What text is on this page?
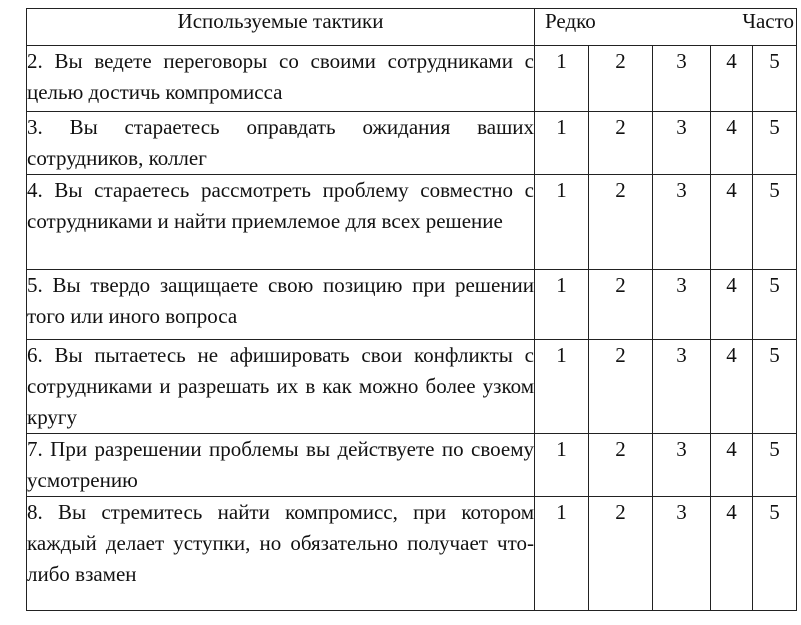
Используемые тактики	Редко Часто				

2. Вы ведете переговоры со своими сотрудниками с целью достичь компромисса	1	2	3	4	5
3. Вы стараетесь оправдать ожидания ваших сотрудников, коллег	1	2	3	4	5
4. Вы стараетесь рассмотреть проблему совместно с сотрудниками и найти приемлемое для всех решение	1	2	3	4	5
5. Вы твердо защищаете свою позицию при решении того или иного вопроса	1	2	3	4	5
6. Вы пытаетесь не афишировать свои конфликты с сотрудниками и разрешать их в как можно более узком кругу	1	2	3	4	5
7. При разрешении проблемы вы действуете по своему усмотрению	1	2	3	4	5
8. Вы стремитесь найти компромисс, при котором каждый делает уступки, но обязательно получает что-либо взамен	1	2	3	4	5
